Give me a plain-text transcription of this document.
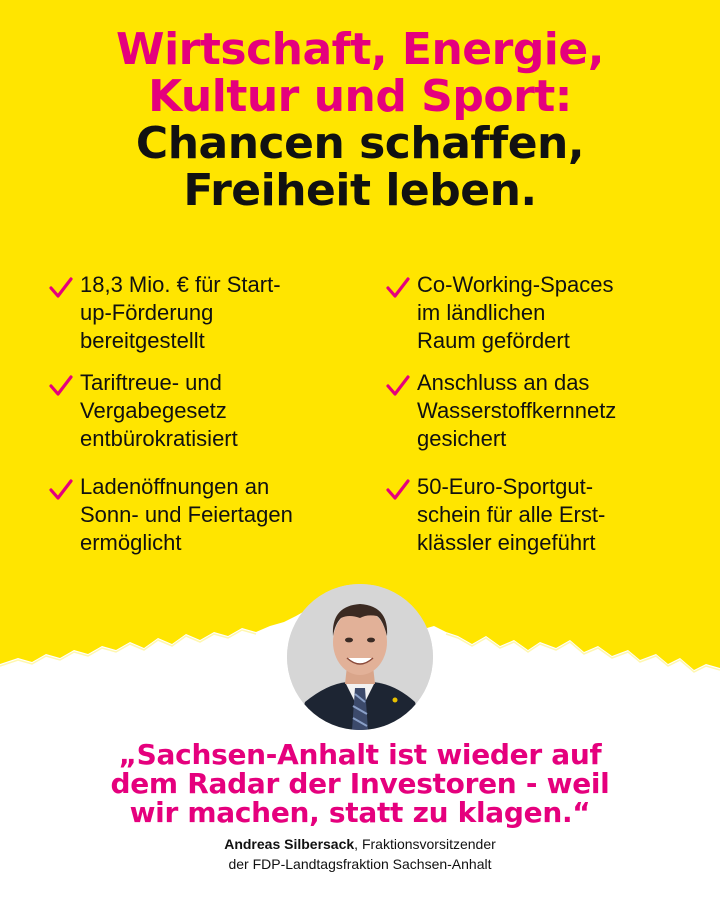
Wirtschaft, Energie,
Kultur und Sport:
Chancen schaffen,
Freiheit leben.
18,3 Mio. € für Start-
up-Förderung
bereitgestellt
Co-Working-Spaces
im ländlichen
Raum gefördert
Tariftreue- und
Vergabegesetz
entbürokratisiert
Anschluss an das
Wasserstoffkernnetz
gesichert
Ladenöffnungen an
Sonn- und Feiertagen
ermöglicht
50-Euro-Sportgut-
schein für alle Erst-
klässler eingeführt
„Sachsen-Anhalt ist wieder auf
dem Radar der Investoren - weil
wir machen, statt zu klagen.“
Andreas Silbersack, Fraktionsvorsitzender
der FDP-Landtagsfraktion Sachsen-Anhalt
